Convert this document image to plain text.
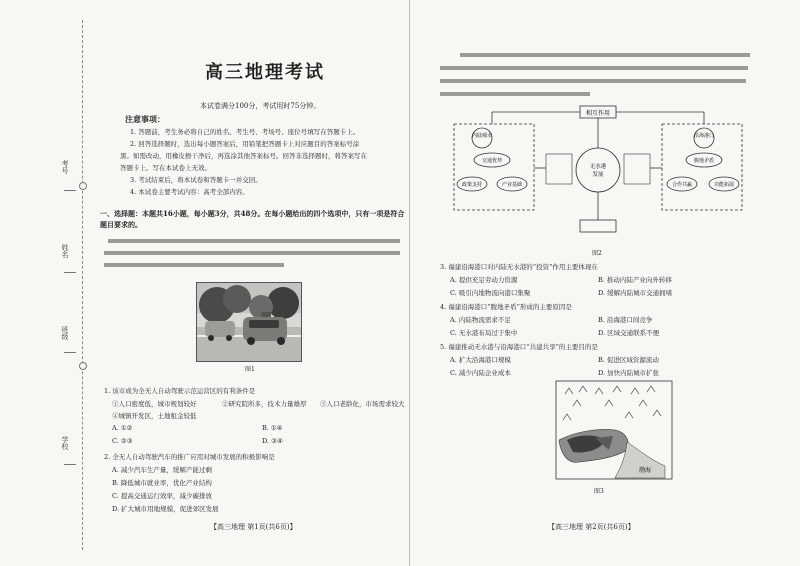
考号
姓名
班级
学校
高三地理考试
本试卷满分100分，考试用时75分钟。
注意事项：
1. 答题前，考生务必将自己的姓名、考生号、考场号、座位号填写在答题卡上。
2. 回答选择题时，选出每小题答案后，用铅笔把答题卡上对应题目的答案标号涂
黑。如需改动，用橡皮擦干净后，再选涂其他答案标号。回答非选择题时，将答案写在
答题卡上。写在本试卷上无效。
3. 考试结束后，将本试卷和答题卡一并交回。
4. 本试卷主要考试内容：高考全部内容。
一、选择题：本题共16小题，每小题3分，共48分。在每小题给出的四个选项中，只有一项是符合题目要求的。
图1
1. 该市成为全无人自动驾驶示范运营区的有利条件是
①人口密度低，城市规划较好	②研究院所多，技术力量雄厚 ③人口老龄化，市场需求较大
④城镇开发区，土地租金较低
A. ①②	B. ①④
C. ②③	D. ③④
2. 全无人自动驾驶汽车的推广应用对城市发展的积极影响是
A. 减少汽车生产量，缓解产能过剩
B. 降低城市就业率，优化产业结构
C. 提高交通运行效率，减少碳排放
D. 扩大城市用地规模，促进郊区发展
【高三地理 第1页(共6页)】
相互作用
内陆城市
交通优势
政策支持	产业基础
无水港
发展
沿海港口
腹地矛盾
合作共赢	功能拓展
图2
3. 福建沿海港口对内陆无水港的“投资”作用主要体现在
A. 提供充足劳动力资源	B. 推动内陆产业向外转移
C. 吸引内地物流向港口集聚	D. 缓解内陆城市交通拥堵
4. 福建沿海港口“腹地矛盾”形成的主要原因是
A. 内陆物流需求不足	B. 沿海港口间竞争
C. 无水港布局过于集中	D. 区域交通联系不便
5. 福建推动无水港与沿海港口“共建共享”的主要目的是
A. 扩大沿海港口规模	B. 促进区域资源流动
C. 减少内陆企业成本	D. 加快内陆城市扩张
渤海
图3
【高三地理 第2页(共6页)】
